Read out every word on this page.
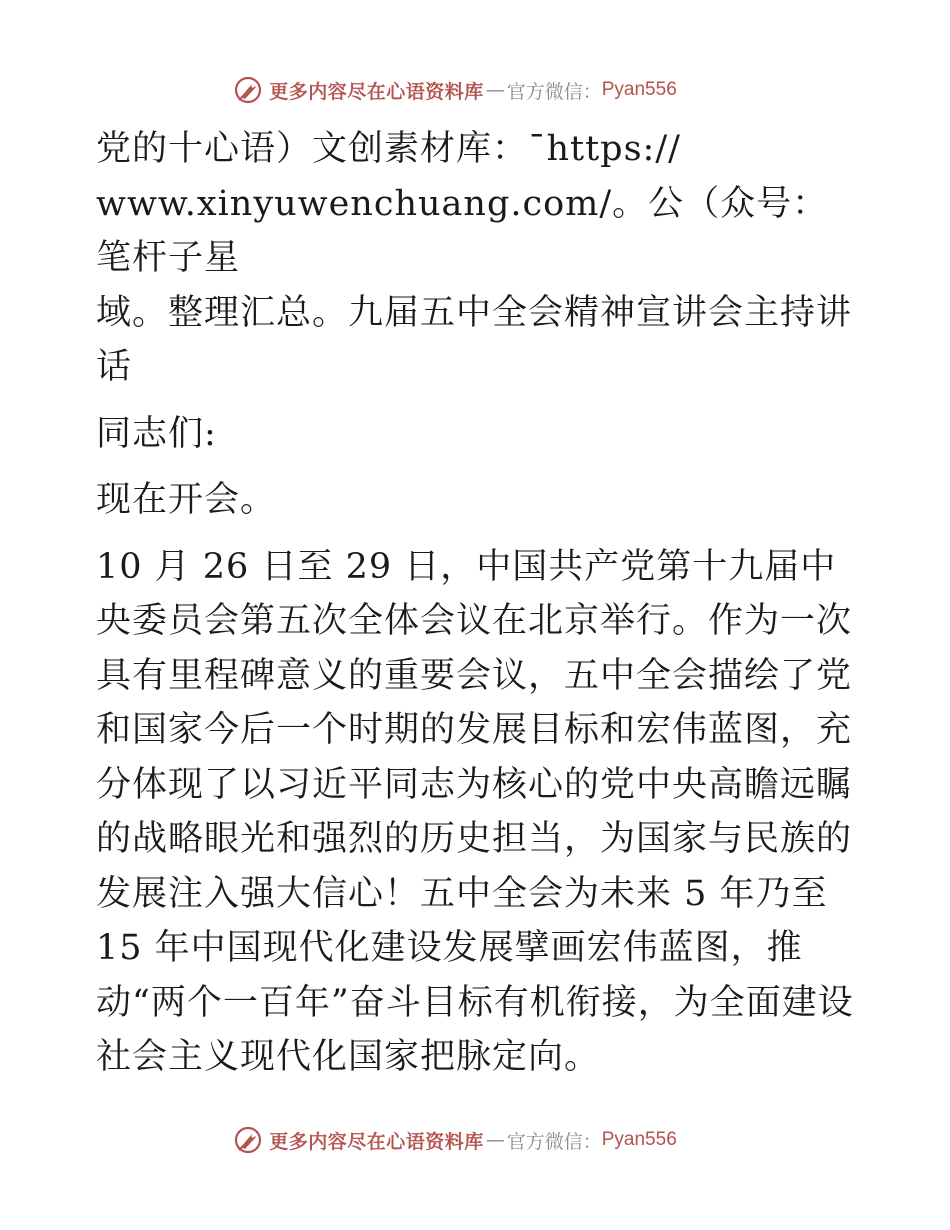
更多内容尽在心语资料库 — 官方微信： Pyan556

党的十心语）文创素材库：¯https://

www.xinyuwenchuang.com/。公（众号：笔杆子星

域。整理汇总。九届五中全会精神宣讲会主持讲话

同志们:

现在开会。

10 月 26 日至 29 日，中国共产党第十九届中央委员会第五次全体会议在北京举行。作为一次具有里程碑意义的重要会议，五中全会描绘了党和国家今后一个时期的发展目标和宏伟蓝图，充分体现了以习近平同志为核心的党中央高瞻远瞩的战略眼光和强烈的历史担当，为国家与民族的发展注入强大信心！五中全会为未来 5 年乃至 15 年中国现代化建设发展擘画宏伟蓝图，推动“两个一百年”奋斗目标有机衔接，为全面建设社会主义现代化国家把脉定向。

更多内容尽在心语资料库 — 官方微信： Pyan556
